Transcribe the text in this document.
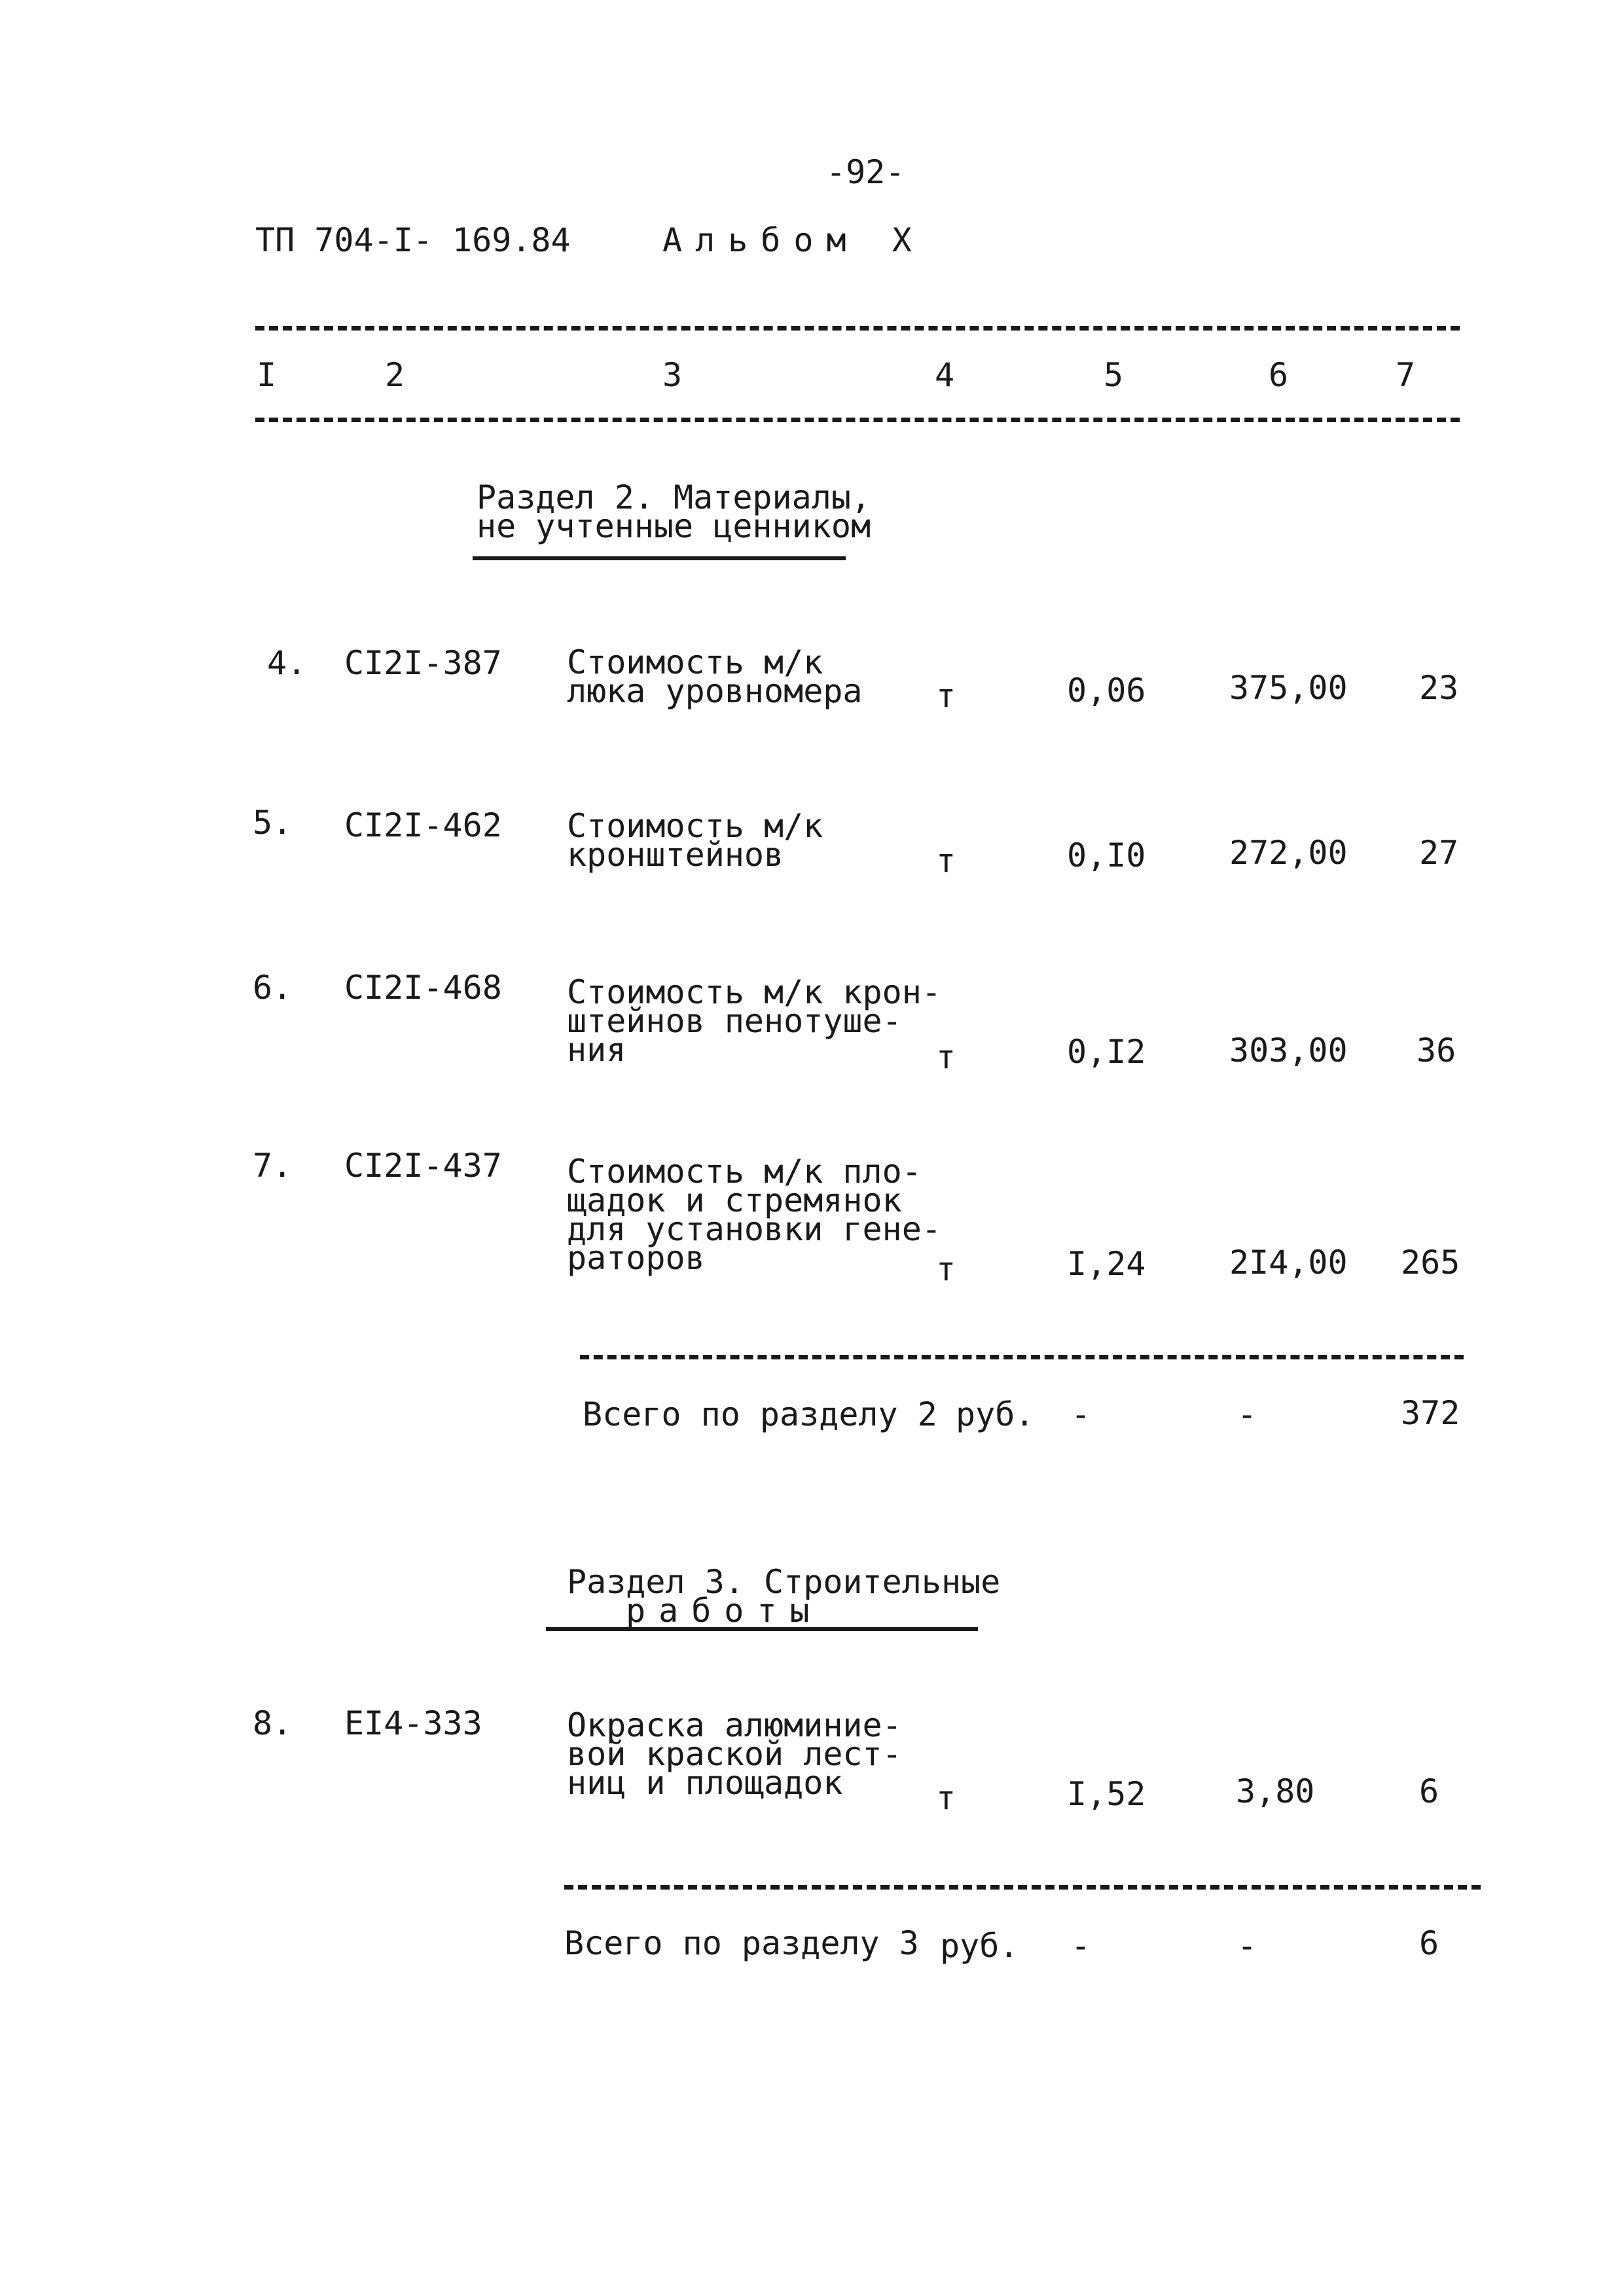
-92-
ТП 704-I- 169.84	Альбом X
I	2	3	4	5	6	7
Раздел 2. Материалы,
не учтенные ценником
4. CI2I-387 Стоимость м/к
люка уровномера т	0,06	375,00 23
5. CI2I-462 Стоимость м/к
кронштейнов	т	0,I0	272,00 27
6. CI2I-468 Стоимость м/к крон-
штейнов пенотуше-
ния	т	0,I2	303,00 36
7. CI2I-437 Стоимость м/к пло-
щадок и стремянок
для установки гене-
раторов	т	I,24	2I4,00 265
Всего по разделу 2 руб. -	-	372
Раздел 3. Строительные
работы
8. EI4-333	Окраска алюминие-
вой краской лест-
ниц и площадок	т	I,52	3,80	6
Всего по разделу 3 руб. -	-	6
